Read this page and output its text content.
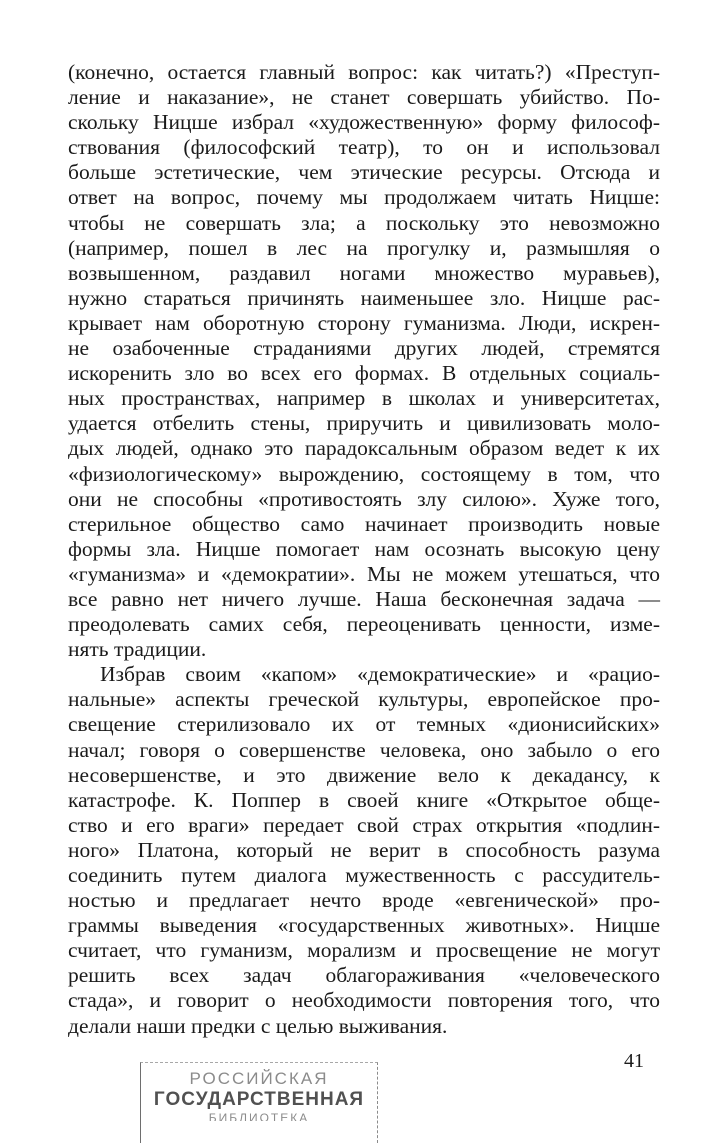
(конечно, остается главный вопрос: как читать?) «Преступ-
ление и наказание», не станет совершать убийство. По-
скольку Ницше избрал «художественную» форму философ-
ствования (философский театр), то он и использовал
больше эстетические, чем этические ресурсы. Отсюда и
ответ на вопрос, почему мы продолжаем читать Ницше:
чтобы не совершать зла; а поскольку это невозможно
(например, пошел в лес на прогулку и, размышляя о
возвышенном, раздавил ногами множество муравьев),
нужно стараться причинять наименьшее зло. Ницше рас-
крывает нам оборотную сторону гуманизма. Люди, искрен-
не озабоченные страданиями других людей, стремятся
искоренить зло во всех его формах. В отдельных социаль-
ных пространствах, например в школах и университетах,
удается отбелить стены, приручить и цивилизовать моло-
дых людей, однако это парадоксальным образом ведет к их
«физиологическому» вырождению, состоящему в том, что
они не способны «противостоять злу силою». Хуже того,
стерильное общество само начинает производить новые
формы зла. Ницше помогает нам осознать высокую цену
«гуманизма» и «демократии». Мы не можем утешаться, что
все равно нет ничего лучше. Наша бесконечная задача —
преодолевать самих себя, переоценивать ценности, изме-
нять традиции.

Избрав своим «капом» «демократические» и «рацио-
нальные» аспекты греческой культуры, европейское про-
свещение стерилизовало их от темных «дионисийских»
начал; говоря о совершенстве человека, оно забыло о его
несовершенстве, и это движение вело к декадансу, к
катастрофе. К. Поппер в своей книге «Открытое обще-
ство и его враги» передает свой страх открытия «подлин-
ного» Платона, который не верит в способность разума
соединить путем диалога мужественность с рассудитель-
ностью и предлагает нечто вроде «евгенической» про-
граммы выведения «государственных животных». Ницше
считает, что гуманизм, морализм и просвещение не могут
решить всех задач облагораживания «человеческого
стада», и говорит о необходимости повторения того, что
делали наши предки с целью выживания.

41
РОССИЙСКАЯ
ГОСУДАРСТВЕННАЯ
БИБЛИОТЕКА
